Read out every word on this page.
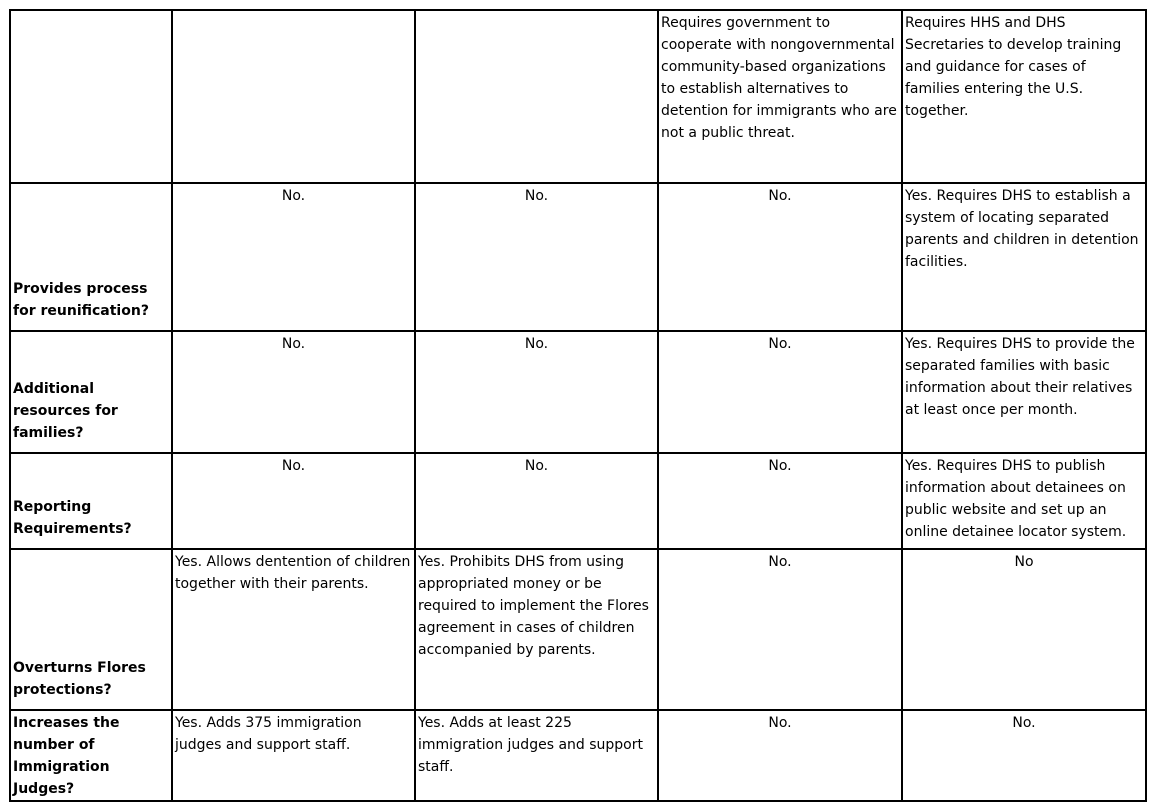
			Requires government to cooperate with nongovernmental community-based organizations to establish alternatives to detention for immigrants who are not a public threat.	Requires HHS and DHS Secretaries to develop training and guidance for cases of families entering the U.S. together.
Provides process for reunification?	No.	No.	No.	Yes. Requires DHS to establish a system of locating separated parents and children in detention facilities.
Additional resources for families?	No.	No.	No.	Yes. Requires DHS to provide the separated families with basic information about their relatives at least once per month.
Reporting Requirements?	No.	No.	No.	Yes. Requires DHS to publish information about detainees on public website and set up an online detainee locator system.
Overturns Flores protections?	Yes. Allows dentention of children together with their parents.	Yes. Prohibits DHS from using appropriated money or be required to implement the Flores agreement in cases of children accompanied by parents.	No.	No
Increases the number of Immigration Judges?	Yes. Adds 375 immigration judges and support staff.	Yes. Adds at least 225 immigration judges and support staff.	No.	No.
